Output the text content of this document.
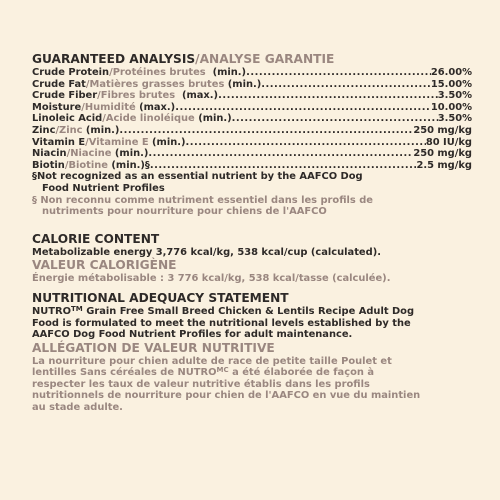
GUARANTEED ANALYSIS/ANALYSE GARANTIE
Crude Protein/Protéines brutes  (min.) .....	26.00%
Crude Fat/Matières grasses brutes (min.) .....	15.00%
Crude Fiber/Fibres brutes  (max.) .....	3.50%
Moisture/Humidité (max.) .....	10.00%
Linoleic Acid/Acide linoléique (min.) .....	3.50%
Zinc/Zinc (min.) .....	250 mg/kg
Vitamin E/Vitamine E (min.) .....	80 IU/kg
Niacin/Niacine (min.) .....	250 mg/kg
Biotin/Biotine (min.)§ .....	2.5 mg/kg
§Not recognized as an essential nutrient by the AAFCO Dog
Food Nutrient Profiles
§ Non reconnu comme nutriment essentiel dans les profils de
nutriments pour nourriture pour chiens de l'AAFCO
CALORIE CONTENT
Metabolizable energy 3,776 kcal/kg, 538 kcal/cup (calculated).
VALEUR CALORIGÈNE
Énergie métabolisable : 3 776 kcal/kg, 538 kcal/tasse (calculée).
NUTRITIONAL ADEQUACY STATEMENT
NUTRO™ Grain Free Small Breed Chicken & Lentils Recipe Adult Dog
Food is formulated to meet the nutritional levels established by the
AAFCO Dog Food Nutrient Profiles for adult maintenance.
ALLÉGATION DE VALEUR NUTRITIVE
La nourriture pour chien adulte de race de petite taille Poulet et
lentilles Sans céréales de $NUTRO^{MC}$ a été élaborée de façon à
respecter les taux de valeur nutritive établis dans les profils
nutritionnels de nourriture pour chien de l'AAFCO en vue du maintien
au stade adulte.
